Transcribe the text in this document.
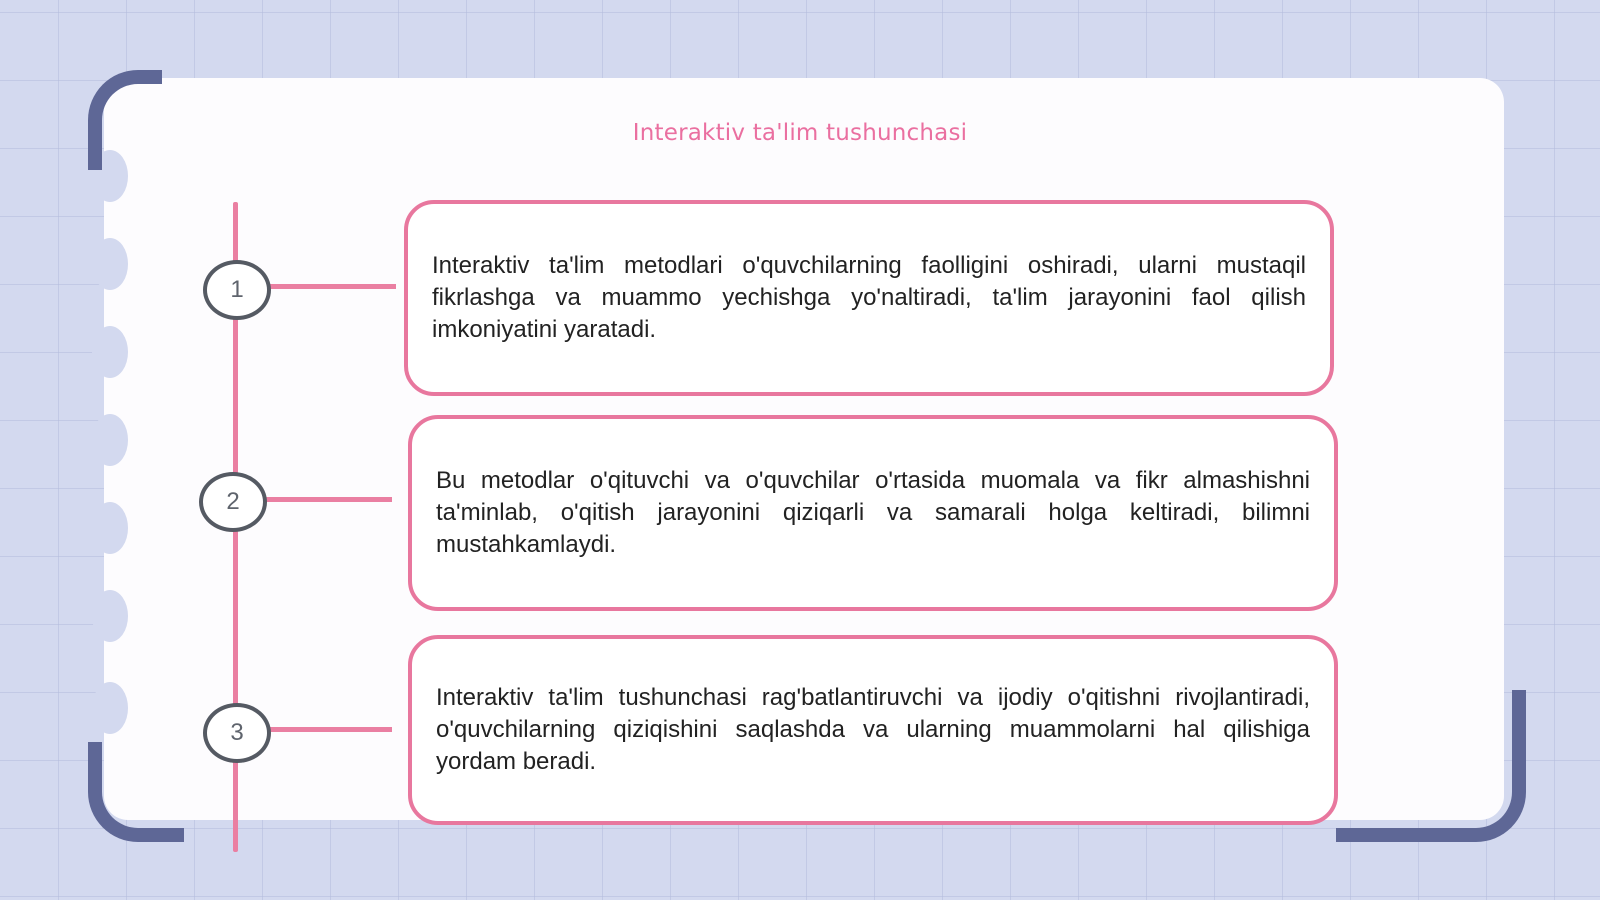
Interaktiv ta'lim tushunchasi
1
2
3

Interaktiv ta'lim metodlari o'quvchilarning faolligini oshiradi, ularni mustaqil fikrlashga va muammo yechishga yo'naltiradi, ta'lim jarayonini faol qilish imkoniyatini yaratadi.

Bu metodlar o'qituvchi va o'quvchilar o'rtasida muomala va fikr almashishni ta'minlab, o'qitish jarayonini qiziqarli va samarali holga keltiradi, bilimni mustahkamlaydi.

Interaktiv ta'lim tushunchasi rag'batlantiruvchi va ijodiy o'qitishni rivojlantiradi, o'quvchilarning qiziqishini saqlashda va ularning muammolarni hal qilishiga yordam beradi.
